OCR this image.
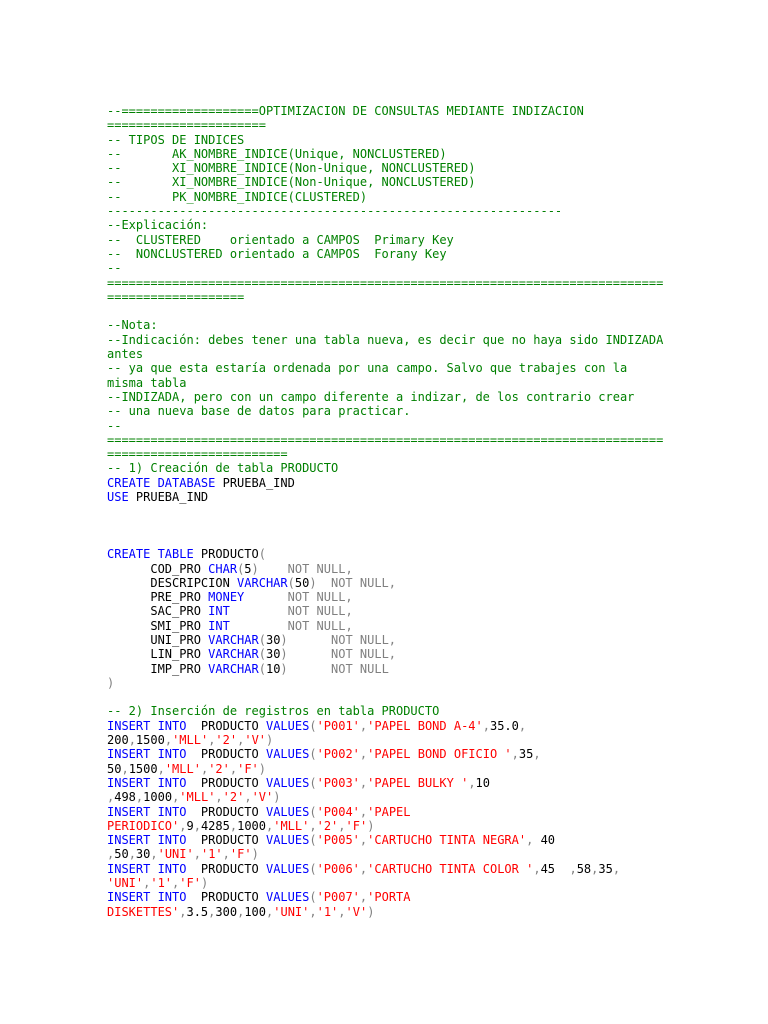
--===================OPTIMIZACION DE CONSULTAS MEDIANTE INDIZACION
======================
-- TIPOS DE INDICES
--       AK_NOMBRE_INDICE(Unique, NONCLUSTERED)
--       XI_NOMBRE_INDICE(Non-Unique, NONCLUSTERED)
--       XI_NOMBRE_INDICE(Non-Unique, NONCLUSTERED)
--       PK_NOMBRE_INDICE(CLUSTERED)
---------------------------------------------------------------
--Explicación:
--  CLUSTERED    orientado a CAMPOS  Primary Key
--  NONCLUSTERED orientado a CAMPOS  Forany Key
--
=============================================================================
===================
--Nota:
--Indicación: debes tener una tabla nueva, es decir que no haya sido INDIZADA
antes
-- ya que esta estaría ordenada por una campo. Salvo que trabajes con la
misma tabla
--INDIZADA, pero con un campo diferente a indizar, de los contrario crear
-- una nueva base de datos para practicar.
--
=============================================================================
=========================
-- 1) Creación de tabla PRODUCTO
CREATE DATABASE PRUEBA_IND
USE PRUEBA_IND
CREATE TABLE PRODUCTO(
COD_PRO CHAR(5)    NOT NULL,
DESCRIPCION VARCHAR(50)  NOT NULL,
PRE_PRO MONEY      NOT NULL,
SAC_PRO INT        NOT NULL,
SMI_PRO INT        NOT NULL,
UNI_PRO VARCHAR(30)      NOT NULL,
LIN_PRO VARCHAR(30)      NOT NULL,
IMP_PRO VARCHAR(10)      NOT NULL
)
-- 2) Inserción de registros en tabla PRODUCTO
INSERT INTO  PRODUCTO VALUES('P001','PAPEL BOND A-4',35.0,
200,1500,'MLL','2','V')
INSERT INTO  PRODUCTO VALUES('P002','PAPEL BOND OFICIO ',35,
50,1500,'MLL','2','F')
INSERT INTO  PRODUCTO VALUES('P003','PAPEL BULKY ',10
,498,1000,'MLL','2','V')
INSERT INTO  PRODUCTO VALUES('P004','PAPEL
PERIODICO',9,4285,1000,'MLL','2','F')
INSERT INTO  PRODUCTO VALUES('P005','CARTUCHO TINTA NEGRA', 40
,50,30,'UNI','1','F')
INSERT INTO  PRODUCTO VALUES('P006','CARTUCHO TINTA COLOR ',45  ,58,35,
'UNI','1','F')
INSERT INTO  PRODUCTO VALUES('P007','PORTA
DISKETTES',3.5,300,100,'UNI','1','V')
